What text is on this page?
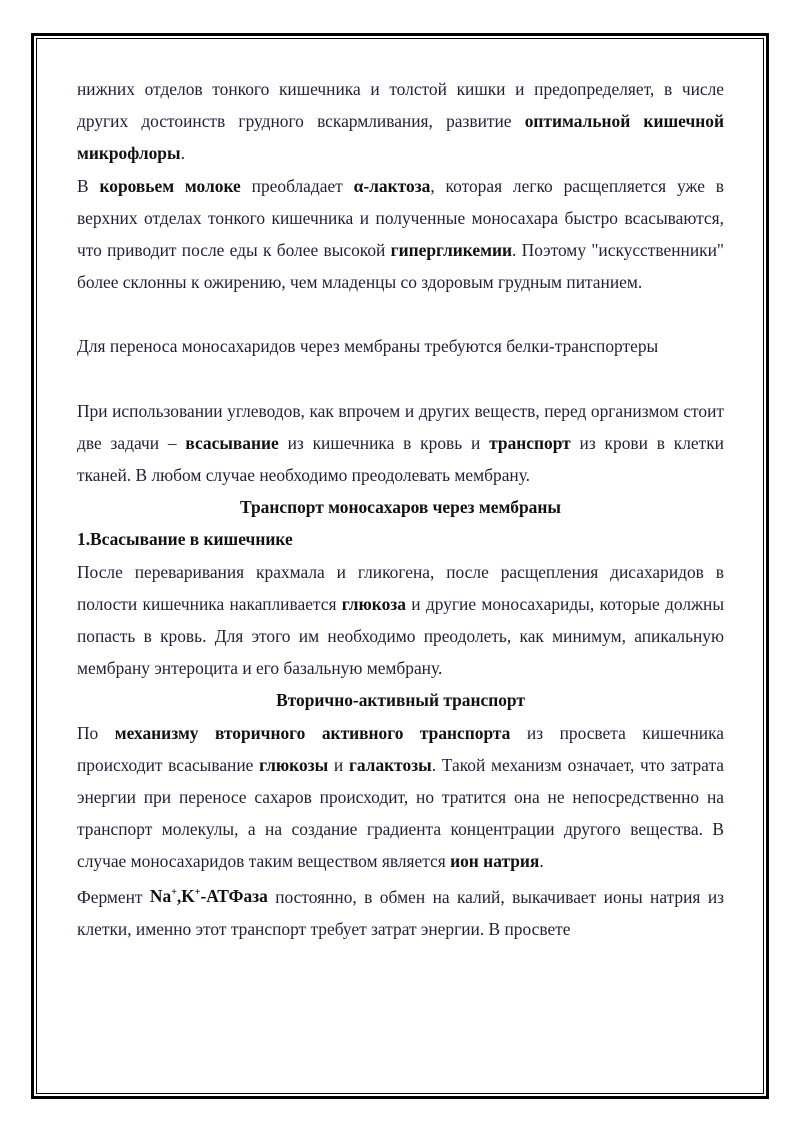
нижних отделов тонкого кишечника и толстой кишки и предопределяет, в числе других достоинств грудного вскармливания, развитие оптимальной кишечной микрофлоры.

В коровьем молоке преобладает α-лактоза, которая легко расщепляется уже в верхних отделах тонкого кишечника и полученные моносахара быстро всасываются, что приводит после еды к более высокой гипергликемии. Поэтому "искусственники" более склонны к ожирению, чем младенцы со здоровым грудным питанием.

Для переноса моносахаридов через мембраны требуются белки-транспортеры

При использовании углеводов, как впрочем и других веществ, перед организмом стоит две задачи – всасывание из кишечника в кровь и транспорт из крови в клетки тканей. В любом случае необходимо преодолевать мембрану.

Транспорт моносахаров через мембраны

1.Всасывание в кишечнике

После переваривания крахмала и гликогена, после расщепления дисахаридов в полости кишечника накапливается глюкоза и другие моносахариды, которые должны попасть в кровь. Для этого им необходимо преодолеть, как минимум, апикальную мембрану энтероцита и его базальную мембрану.

Вторично-активный транспорт

По механизму вторичного активного транспорта из просвета кишечника происходит всасывание глюкозы и галактозы. Такой механизм означает, что затрата энергии при переносе сахаров происходит, но тратится она не непосредственно на транспорт молекулы, а на создание градиента концентрации другого вещества. В случае моносахаридов таким веществом является ион натрия.

Фермент Na+,K+-АТФаза постоянно, в обмен на калий, выкачивает ионы натрия из клетки, именно этот транспорт требует затрат энергии. В просвете
